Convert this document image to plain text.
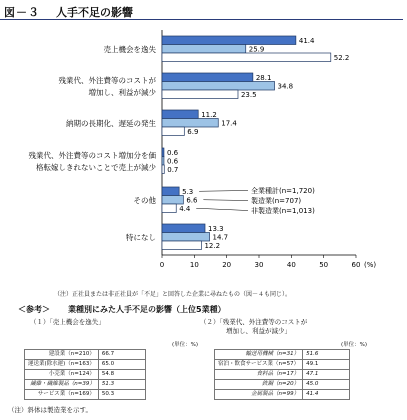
図－３ 人手不足の影響
0	10	20	30	40	50	60 (%)
売上機会を逸失
残業代、外注費等のコストが
増加し、利益が減少
納期の長期化、遅延の発生
残業代、外注費等のコスト増加分を価
格転嫁しきれないことで売上が減少
その他
特になし
41.4
28.1
11.2
0.6
5.3
13.3
25.9
34.8
17.4
0.6
6.6
14.7
52.2
23.5
6.9
0.7
4.4
12.2
全業種計(n=1,720)
製造業(n=707)
非製造業(n=1,013)
（注）正社員または非正社員が「不足」と回答した企業に尋ねたもの（図－４も同じ）。
＜参考＞ 業種別にみた人手不足の影響（上位5業種）
（１）「売上機会を逸失」
(単位：%)
建設業（n=210）	66.7
運送業(除水運)（n=163）	65.0
小売業（n=124）	54.8
繊維・繊維製品（n=39）	51.3
サービス業（n=169）	50.3
（２）「残業代、外注費等のコストが
増加し、利益が減少」
(単位：%)
輸送用機械（n=31）	51.6
宿泊・飲食サービス業（n=57）	49.1
食料品（n=17）	47.1
鉄鋼（n=20）	45.0
金属製品（n=99）	41.4
（注）斜体は製造業を示す。
